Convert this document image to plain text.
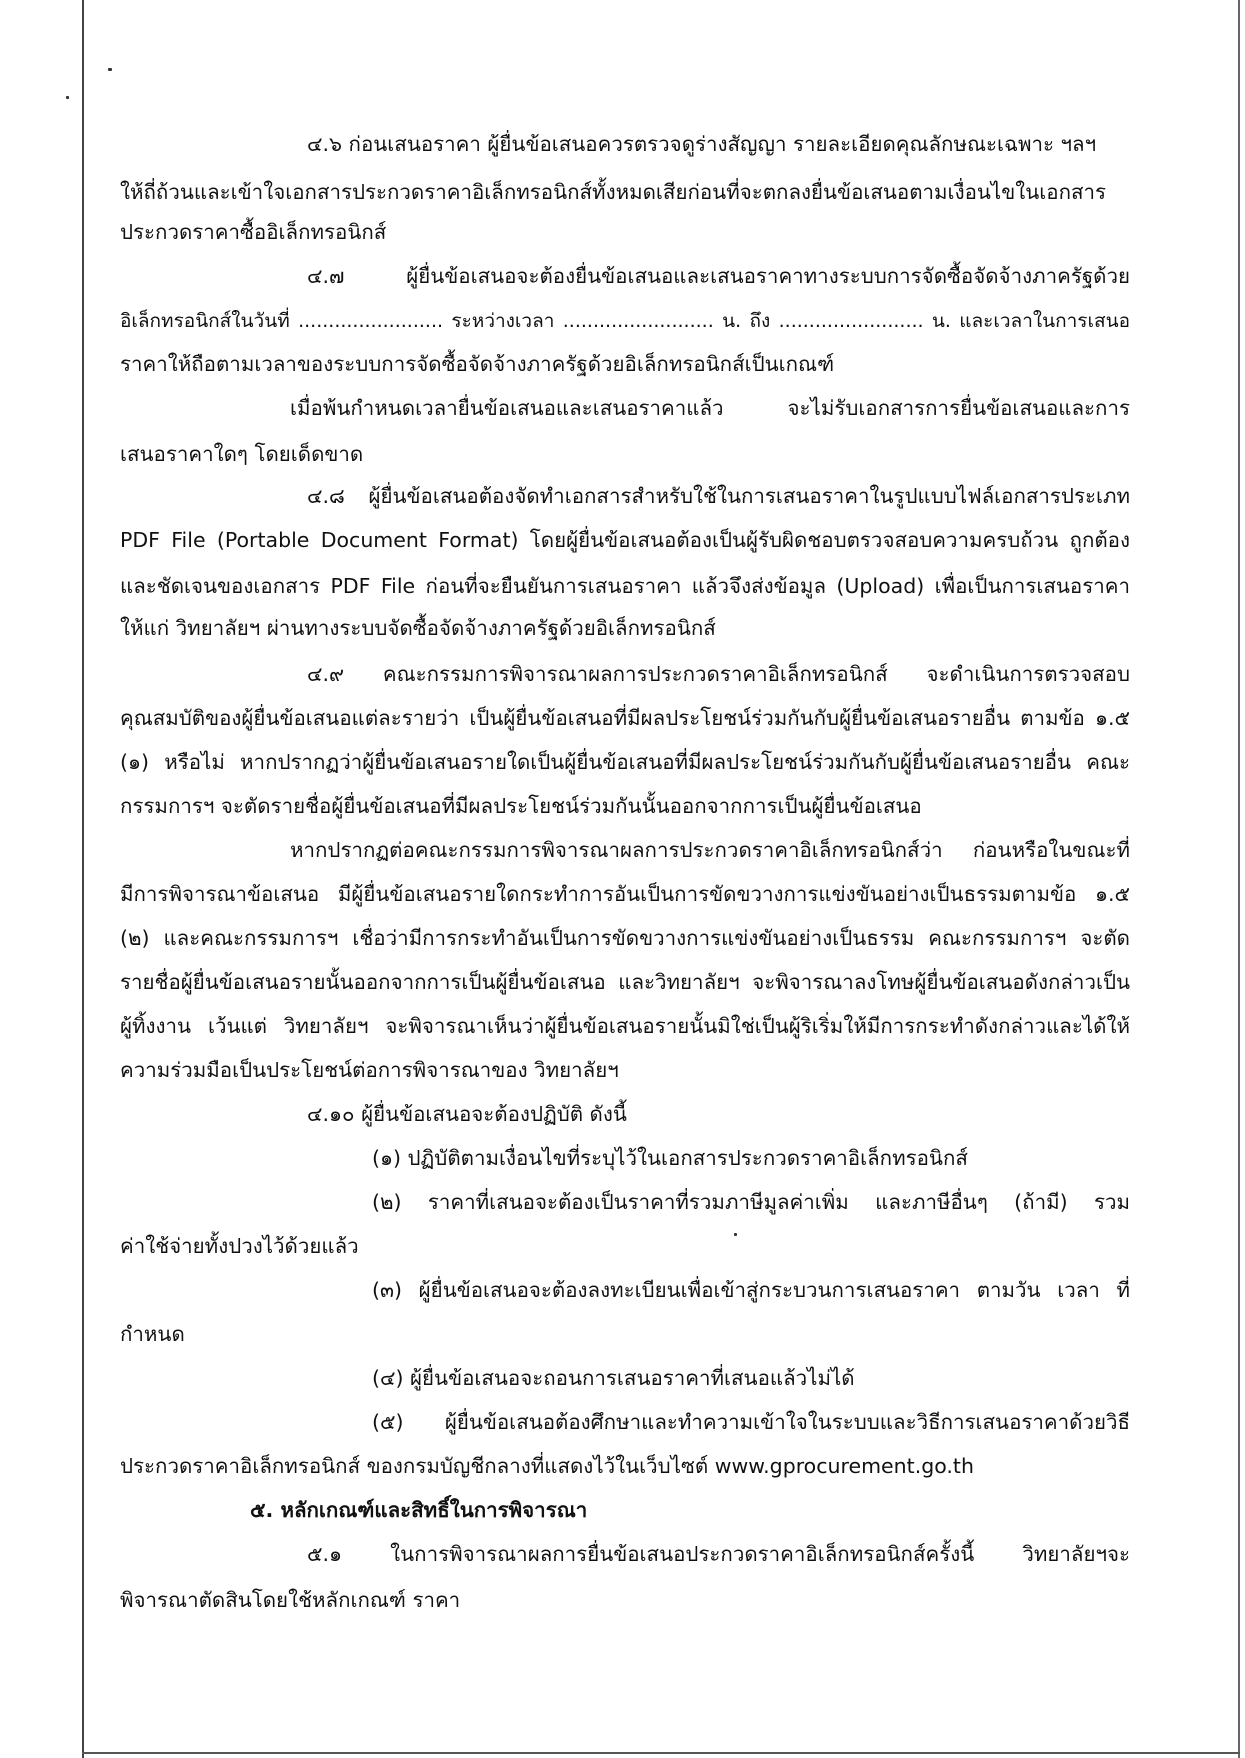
๔.๖ ก่อนเสนอราคา ผู้ยื่นข้อเสนอควรตรวจดูร่างสัญญา รายละเอียดคุณลักษณะเฉพาะ ฯลฯ
ให้ถี่ถ้วนและเข้าใจเอกสารประกวดราคาอิเล็กทรอนิกส์ทั้งหมดเสียก่อนที่จะตกลงยื่นข้อเสนอตามเงื่อนไขในเอกสาร
ประกวดราคาซื้ออิเล็กทรอนิกส์
๔.๗ ผู้ยื่นข้อเสนอจะต้องยื่นข้อเสนอและเสนอราคาทางระบบการจัดซื้อจัดจ้างภาครัฐด้วย
อิเล็กทรอนิกส์ในวันที่ ........................ ระหว่างเวลา ......................... น. ถึง ........................ น. และเวลาในการเสนอ
ราคาให้ถือตามเวลาของระบบการจัดซื้อจัดจ้างภาครัฐด้วยอิเล็กทรอนิกส์เป็นเกณฑ์
เมื่อพ้นกำหนดเวลายื่นข้อเสนอและเสนอราคาแล้ว จะไม่รับเอกสารการยื่นข้อเสนอและการ
เสนอราคาใดๆ โดยเด็ดขาด
๔.๘ ผู้ยื่นข้อเสนอต้องจัดทำเอกสารสำหรับใช้ในการเสนอราคาในรูปแบบไฟล์เอกสารประเภท
PDF File (Portable Document Format) โดยผู้ยื่นข้อเสนอต้องเป็นผู้รับผิดชอบตรวจสอบความครบถ้วน ถูกต้อง
และชัดเจนของเอกสาร PDF File ก่อนที่จะยืนยันการเสนอราคา แล้วจึงส่งข้อมูล (Upload) เพื่อเป็นการเสนอราคา
ให้แก่ วิทยาลัยฯ ผ่านทางระบบจัดซื้อจัดจ้างภาครัฐด้วยอิเล็กทรอนิกส์
๔.๙ คณะกรรมการพิจารณาผลการประกวดราคาอิเล็กทรอนิกส์ จะดำเนินการตรวจสอบ
คุณสมบัติของผู้ยื่นข้อเสนอแต่ละรายว่า เป็นผู้ยื่นข้อเสนอที่มีผลประโยชน์ร่วมกันกับผู้ยื่นข้อเสนอรายอื่น ตามข้อ ๑.๕
(๑) หรือไม่ หากปรากฏว่าผู้ยื่นข้อเสนอรายใดเป็นผู้ยื่นข้อเสนอที่มีผลประโยชน์ร่วมกันกับผู้ยื่นข้อเสนอรายอื่น คณะ
กรรมการฯ จะตัดรายชื่อผู้ยื่นข้อเสนอที่มีผลประโยชน์ร่วมกันนั้นออกจากการเป็นผู้ยื่นข้อเสนอ
หากปรากฏต่อคณะกรรมการพิจารณาผลการประกวดราคาอิเล็กทรอนิกส์ว่า ก่อนหรือในขณะที่
มีการพิจารณาข้อเสนอ มีผู้ยื่นข้อเสนอรายใดกระทำการอันเป็นการขัดขวางการแข่งขันอย่างเป็นธรรมตามข้อ ๑.๕
(๒) และคณะกรรมการฯ เชื่อว่ามีการกระทำอันเป็นการขัดขวางการแข่งขันอย่างเป็นธรรม คณะกรรมการฯ จะตัด
รายชื่อผู้ยื่นข้อเสนอรายนั้นออกจากการเป็นผู้ยื่นข้อเสนอ และวิทยาลัยฯ จะพิจารณาลงโทษผู้ยื่นข้อเสนอดังกล่าวเป็น
ผู้ทิ้งงาน เว้นแต่ วิทยาลัยฯ จะพิจารณาเห็นว่าผู้ยื่นข้อเสนอรายนั้นมิใช่เป็นผู้ริเริ่มให้มีการกระทำดังกล่าวและได้ให้
ความร่วมมือเป็นประโยชน์ต่อการพิจารณาของ วิทยาลัยฯ
๔.๑๐ ผู้ยื่นข้อเสนอจะต้องปฏิบัติ ดังนี้
(๑) ปฏิบัติตามเงื่อนไขที่ระบุไว้ในเอกสารประกวดราคาอิเล็กทรอนิกส์
(๒) ราคาที่เสนอจะต้องเป็นราคาที่รวมภาษีมูลค่าเพิ่ม และภาษีอื่นๆ (ถ้ามี) รวม
ค่าใช้จ่ายทั้งปวงไว้ด้วยแล้ว
(๓) ผู้ยื่นข้อเสนอจะต้องลงทะเบียนเพื่อเข้าสู่กระบวนการเสนอราคา ตามวัน เวลา ที่
กำหนด
(๔) ผู้ยื่นข้อเสนอจะถอนการเสนอราคาที่เสนอแล้วไม่ได้
(๕) ผู้ยื่นข้อเสนอต้องศึกษาและทำความเข้าใจในระบบและวิธีการเสนอราคาด้วยวิธี
ประกวดราคาอิเล็กทรอนิกส์ ของกรมบัญชีกลางที่แสดงไว้ในเว็บไซต์ www.gprocurement.go.th
๕. หลักเกณฑ์และสิทธิ์ในการพิจารณา
๕.๑ ในการพิจารณาผลการยื่นข้อเสนอประกวดราคาอิเล็กทรอนิกส์ครั้งนี้ วิทยาลัยฯจะ
พิจารณาตัดสินโดยใช้หลักเกณฑ์ ราคา
